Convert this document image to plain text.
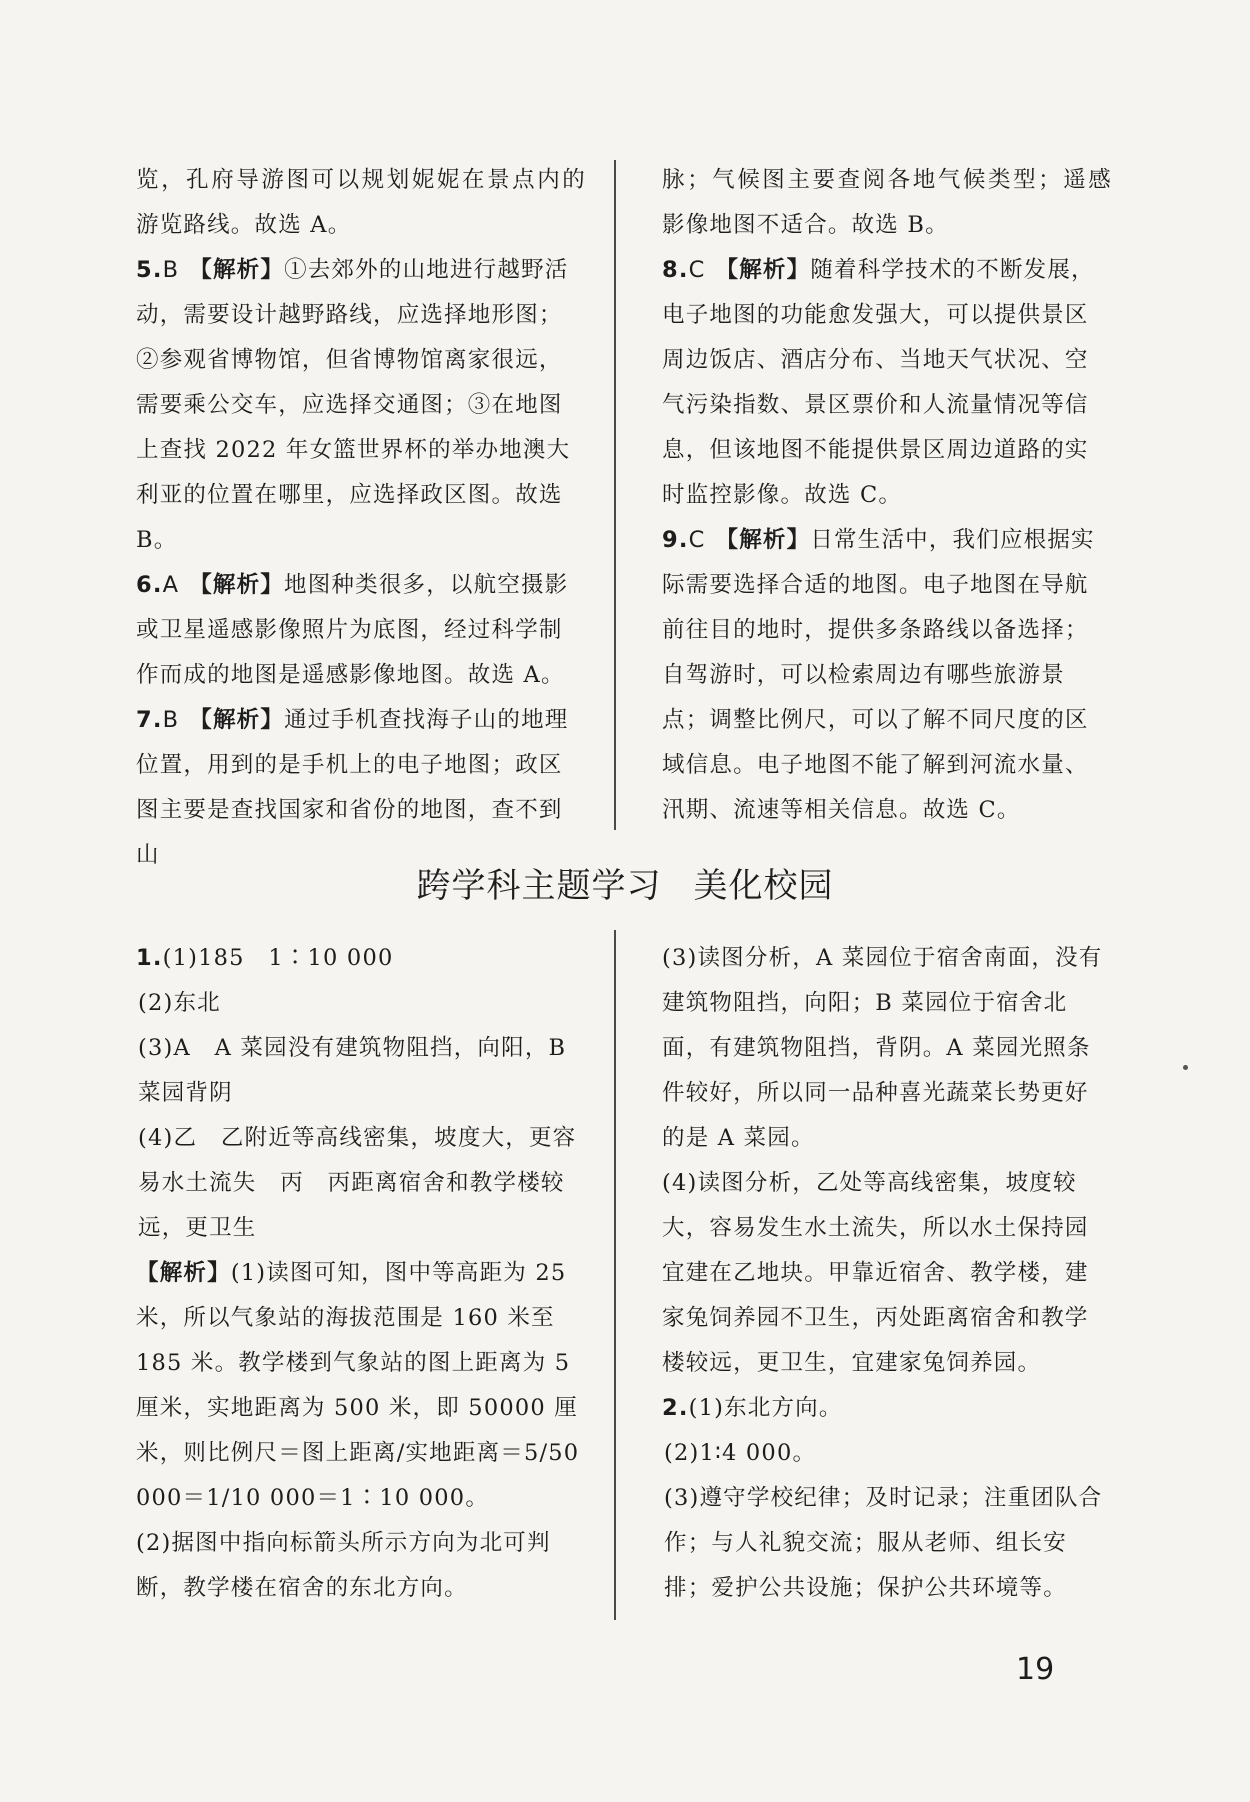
览，孔府导游图可以规划妮妮在景点内的游览路线。故选 A。

5.B 【解析】①去郊外的山地进行越野活动，需要设计越野路线，应选择地形图；②参观省博物馆，但省博物馆离家很远，需要乘公交车，应选择交通图；③在地图上查找 2022 年女篮世界杯的举办地澳大利亚的位置在哪里，应选择政区图。故选 B。

6.A 【解析】地图种类很多，以航空摄影或卫星遥感影像照片为底图，经过科学制作而成的地图是遥感影像地图。故选 A。

7.B 【解析】通过手机查找海子山的地理位置，用到的是手机上的电子地图；政区图主要是查找国家和省份的地图，查不到山

脉；气候图主要查阅各地气候类型；遥感影像地图不适合。故选 B。

8.C 【解析】随着科学技术的不断发展，电子地图的功能愈发强大，可以提供景区周边饭店、酒店分布、当地天气状况、空气污染指数、景区票价和人流量情况等信息，但该地图不能提供景区周边道路的实时监控影像。故选 C。

9.C 【解析】日常生活中，我们应根据实际需要选择合适的地图。电子地图在导航前往目的地时，提供多条路线以备选择；自驾游时，可以检索周边有哪些旅游景点；调整比例尺，可以了解不同尺度的区域信息。电子地图不能了解到河流水量、汛期、流速等相关信息。故选 C。

跨学科主题学习 美化校园

1.(1)185　1∶10 000

(2)东北

(3)A　A 菜园没有建筑物阻挡，向阳，B 菜园背阴

(4)乙　乙附近等高线密集，坡度大，更容易水土流失　丙　丙距离宿舍和教学楼较远，更卫生

【解析】(1)读图可知，图中等高距为 25 米，所以气象站的海拔范围是 160 米至 185 米。教学楼到气象站的图上距离为 5 厘米，实地距离为 500 米，即 50000 厘米，则比例尺＝图上距离/实地距离＝5/50 000＝1/10 000＝1∶10 000。

(2)据图中指向标箭头所示方向为北可判断，教学楼在宿舍的东北方向。

(3)读图分析，A 菜园位于宿舍南面，没有建筑物阻挡，向阳；B 菜园位于宿舍北面，有建筑物阻挡，背阴。A 菜园光照条件较好，所以同一品种喜光蔬菜长势更好的是 A 菜园。

(4)读图分析，乙处等高线密集，坡度较大，容易发生水土流失，所以水土保持园宜建在乙地块。甲靠近宿舍、教学楼，建家兔饲养园不卫生，丙处距离宿舍和教学楼较远，更卫生，宜建家兔饲养园。

2.(1)东北方向。

(2)1∶4 000。

(3)遵守学校纪律；及时记录；注重团队合作；与人礼貌交流；服从老师、组长安排；爱护公共设施；保护公共环境等。

19
